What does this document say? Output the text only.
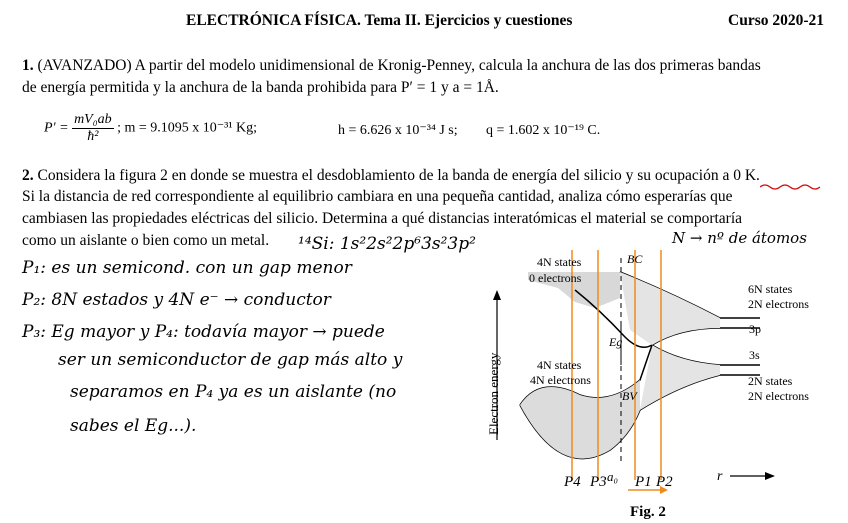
ELECTRÓNICA FÍSICA. Tema II. Ejercicios y cuestiones	Curso 2020-21
1. (AVANZADO) A partir del modelo unidimensional de Kronig-Penney, calcula la anchura de las dos primeras bandas
de energía permitida y la anchura de la banda prohibida para P′ = 1 y a = 1Å.
$P' = \frac{\text{mV₀ab}}{\text{ħ²}}$ ; m = 9.1095 x 10⁻³¹ Kg;	h = 6.626 x 10⁻³⁴ J s; q = 1.602 x 10⁻¹⁹ C.
2. Considera la figura 2 en donde se muestra el desdoblamiento de la banda de energía del silicio y su ocupación a 0 K.
Si la distancia de red correspondiente al equilibrio cambiara en una pequeña cantidad, analiza cómo esperarías que
cambiasen las propiedades eléctricas del silicio. Determina a qué distancias interatómicas el material se comportaría
como un aislante o bien como un metal. ¹⁴Si: 1s²2s²2p⁶3s²3p²	N → nº de átomos
P₁: es un semicond. con un gap menor
P₂: 8N estados y 4N e⁻ → conductor
P₃: Eg mayor y P₄: todavía mayor → puede
ser un semiconductor de gap más alto y
separamos en P₄ ya es un aislante (no
sabes el Eg...).	Electron energy
r
a₀
Eg
4N states
0 electrons
6N states
2N electrons
3p
3s
2N states
2N electrons
4N states
4N electrons
BC
BV
P4 P3 P1 P2
Fig. 2
